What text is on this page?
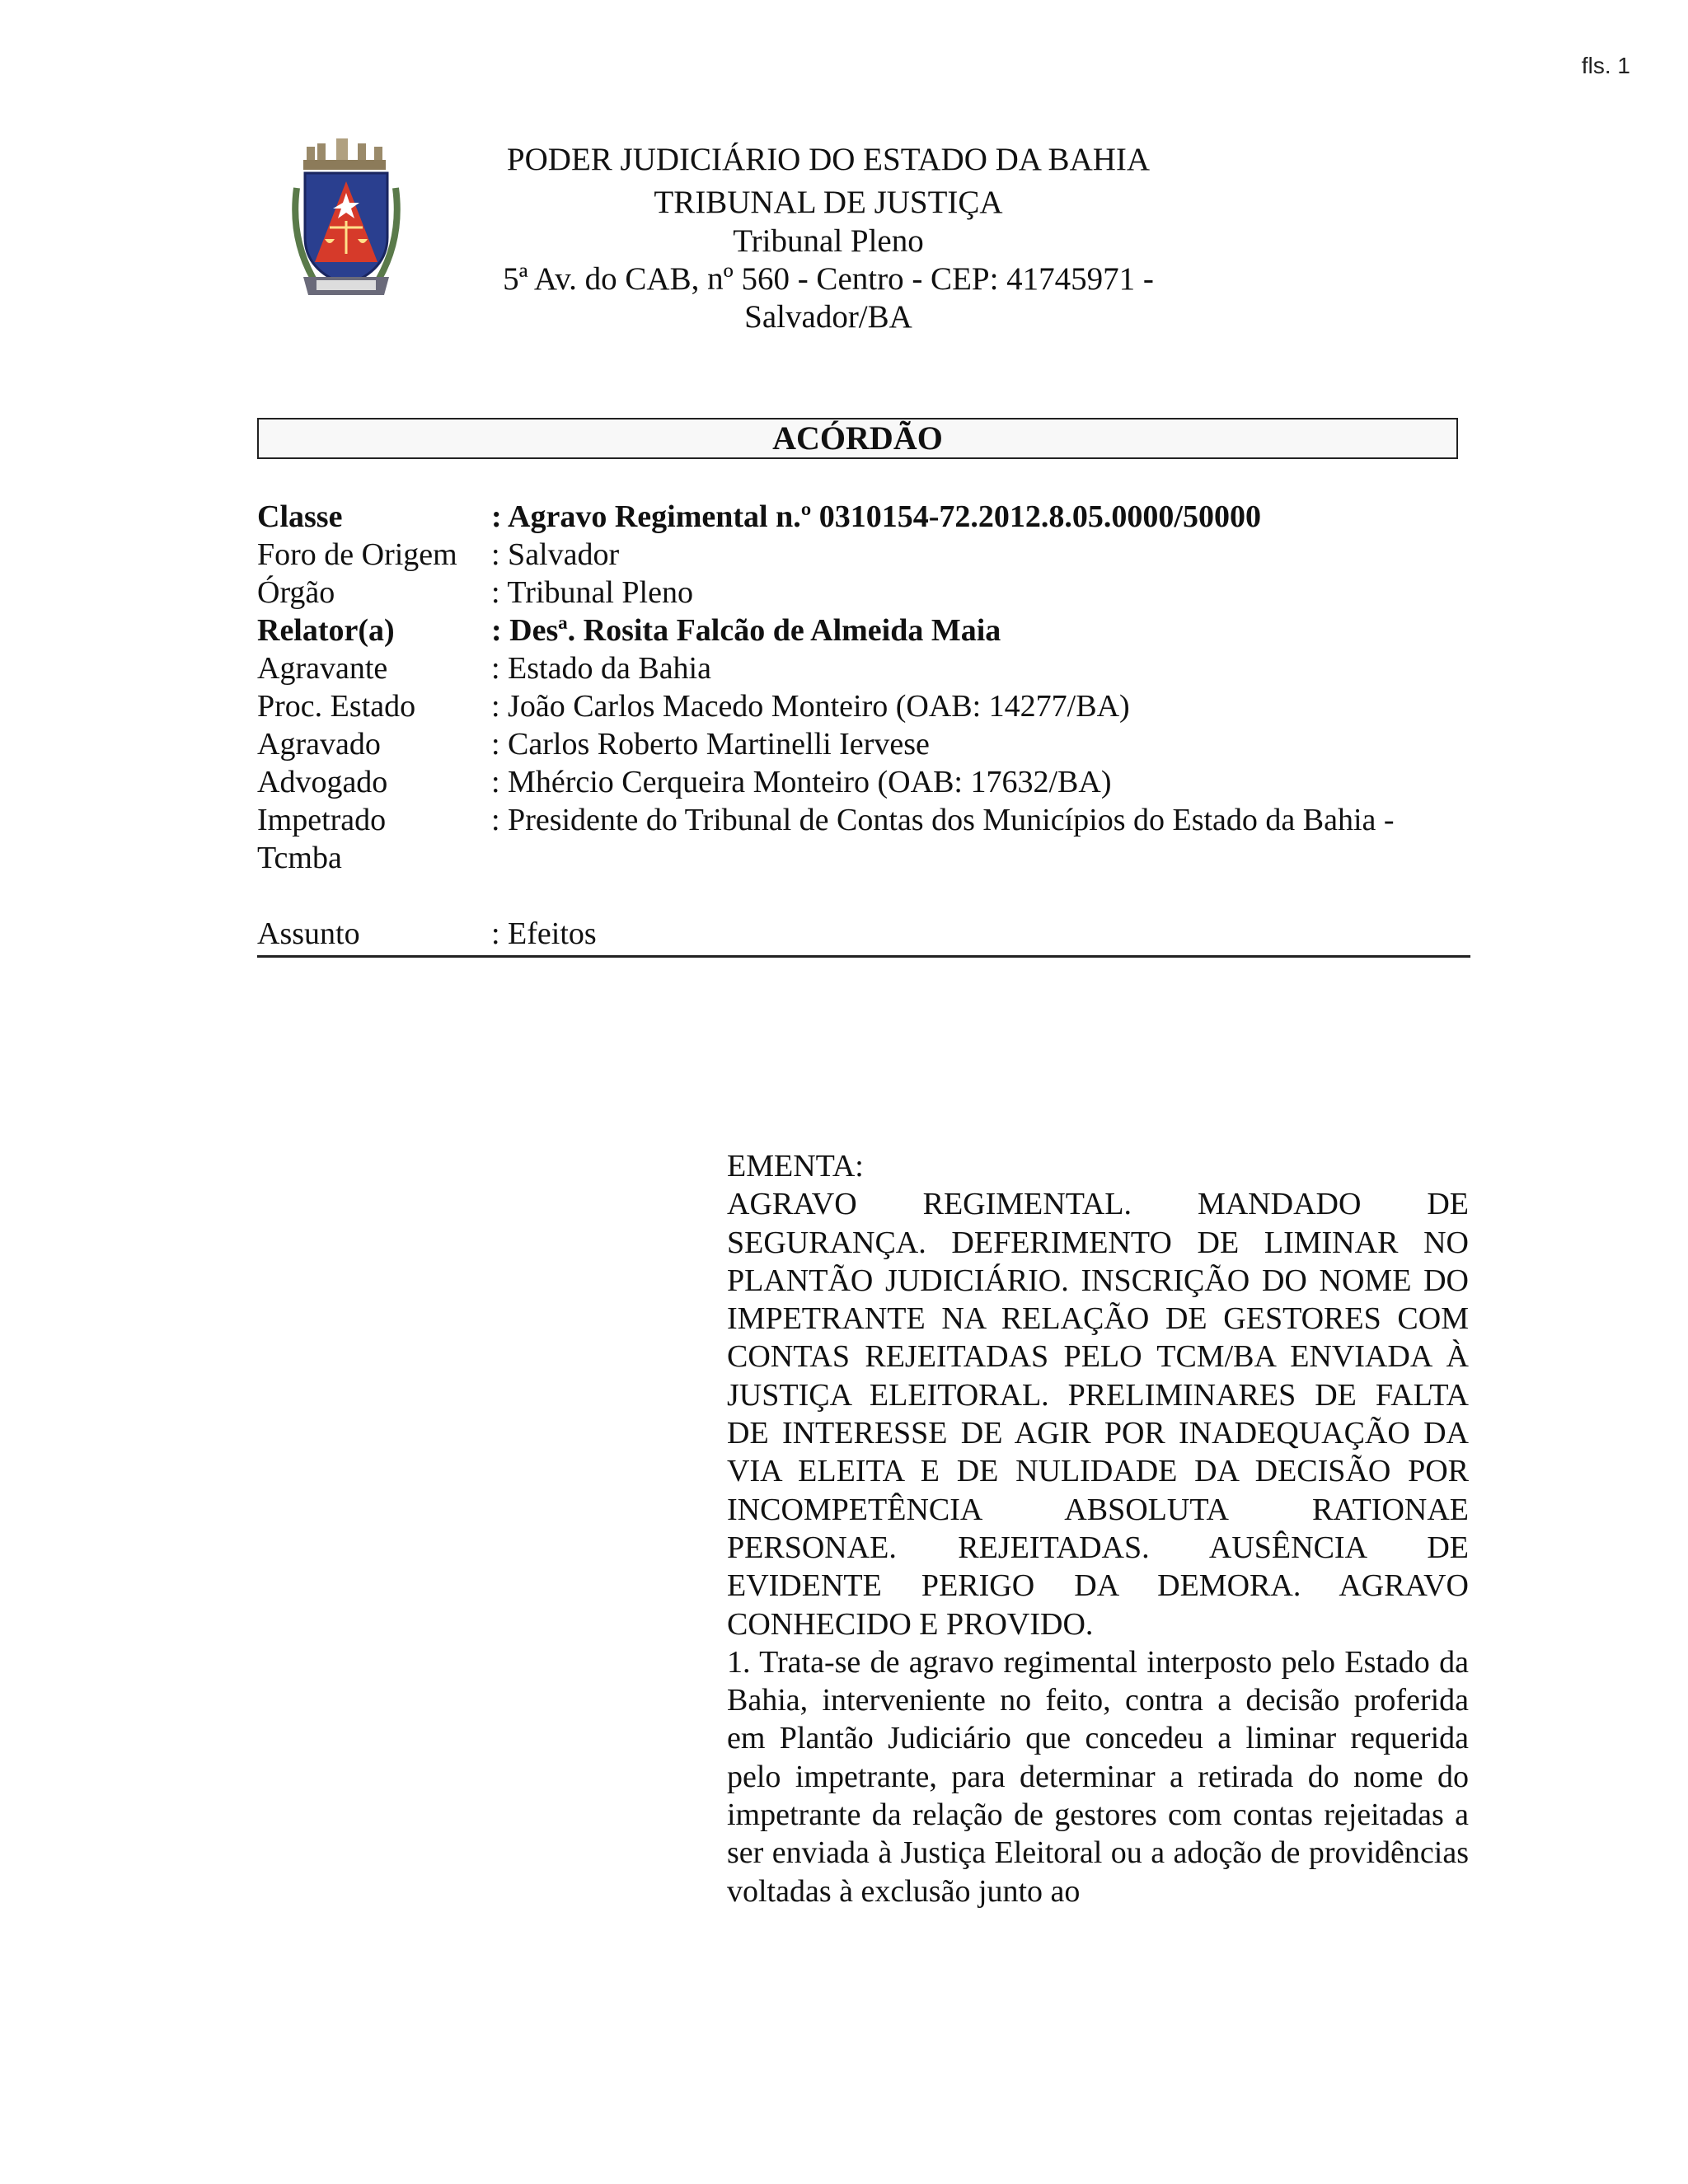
fls. 1
PODER JUDICIÁRIO DO ESTADO DA BAHIA
TRIBUNAL DE JUSTIÇA
Tribunal Pleno
5ª Av. do CAB, nº 560 - Centro - CEP: 41745971 -
Salvador/BA
ACÓRDÃO
Classe	: Agravo Regimental n.º 0310154-72.2012.8.05.0000/50000
Foro de Origem	: Salvador
Órgão	: Tribunal Pleno
Relator(a)	: Desª. Rosita Falcão de Almeida Maia
Agravante	: Estado da Bahia
Proc. Estado	: João Carlos Macedo Monteiro (OAB: 14277/BA)
Agravado	: Carlos Roberto Martinelli Iervese
Advogado	: Mhércio Cerqueira Monteiro (OAB: 17632/BA)
Impetrado	: Presidente do Tribunal de Contas dos Municípios do Estado da Bahia -
Tcmba
Assunto	: Efeitos

EMENTA:

AGRAVO REGIMENTAL. MANDADO DE SEGURANÇA. DEFERIMENTO DE LIMINAR NO PLANTÃO JUDICIÁRIO. INSCRIÇÃO DO NOME DO IMPETRANTE NA RELAÇÃO DE GESTORES COM CONTAS REJEITADAS PELO TCM/BA ENVIADA À JUSTIÇA ELEITORAL. PRELIMINARES DE FALTA DE INTERESSE DE AGIR POR INADEQUAÇÃO DA VIA ELEITA E DE NULIDADE DA DECISÃO POR INCOMPETÊNCIA ABSOLUTA RATIONAE PERSONAE. REJEITADAS. AUSÊNCIA DE EVIDENTE PERIGO DA DEMORA. AGRAVO CONHECIDO E PROVIDO.

1. Trata-se de agravo regimental interposto pelo Estado da Bahia, interveniente no feito, contra a decisão proferida em Plantão Judiciário que concedeu a liminar requerida pelo impetrante, para determinar a retirada do nome do impetrante da relação de gestores com contas rejeitadas a ser enviada à Justiça Eleitoral ou a adoção de providências voltadas à exclusão junto ao
